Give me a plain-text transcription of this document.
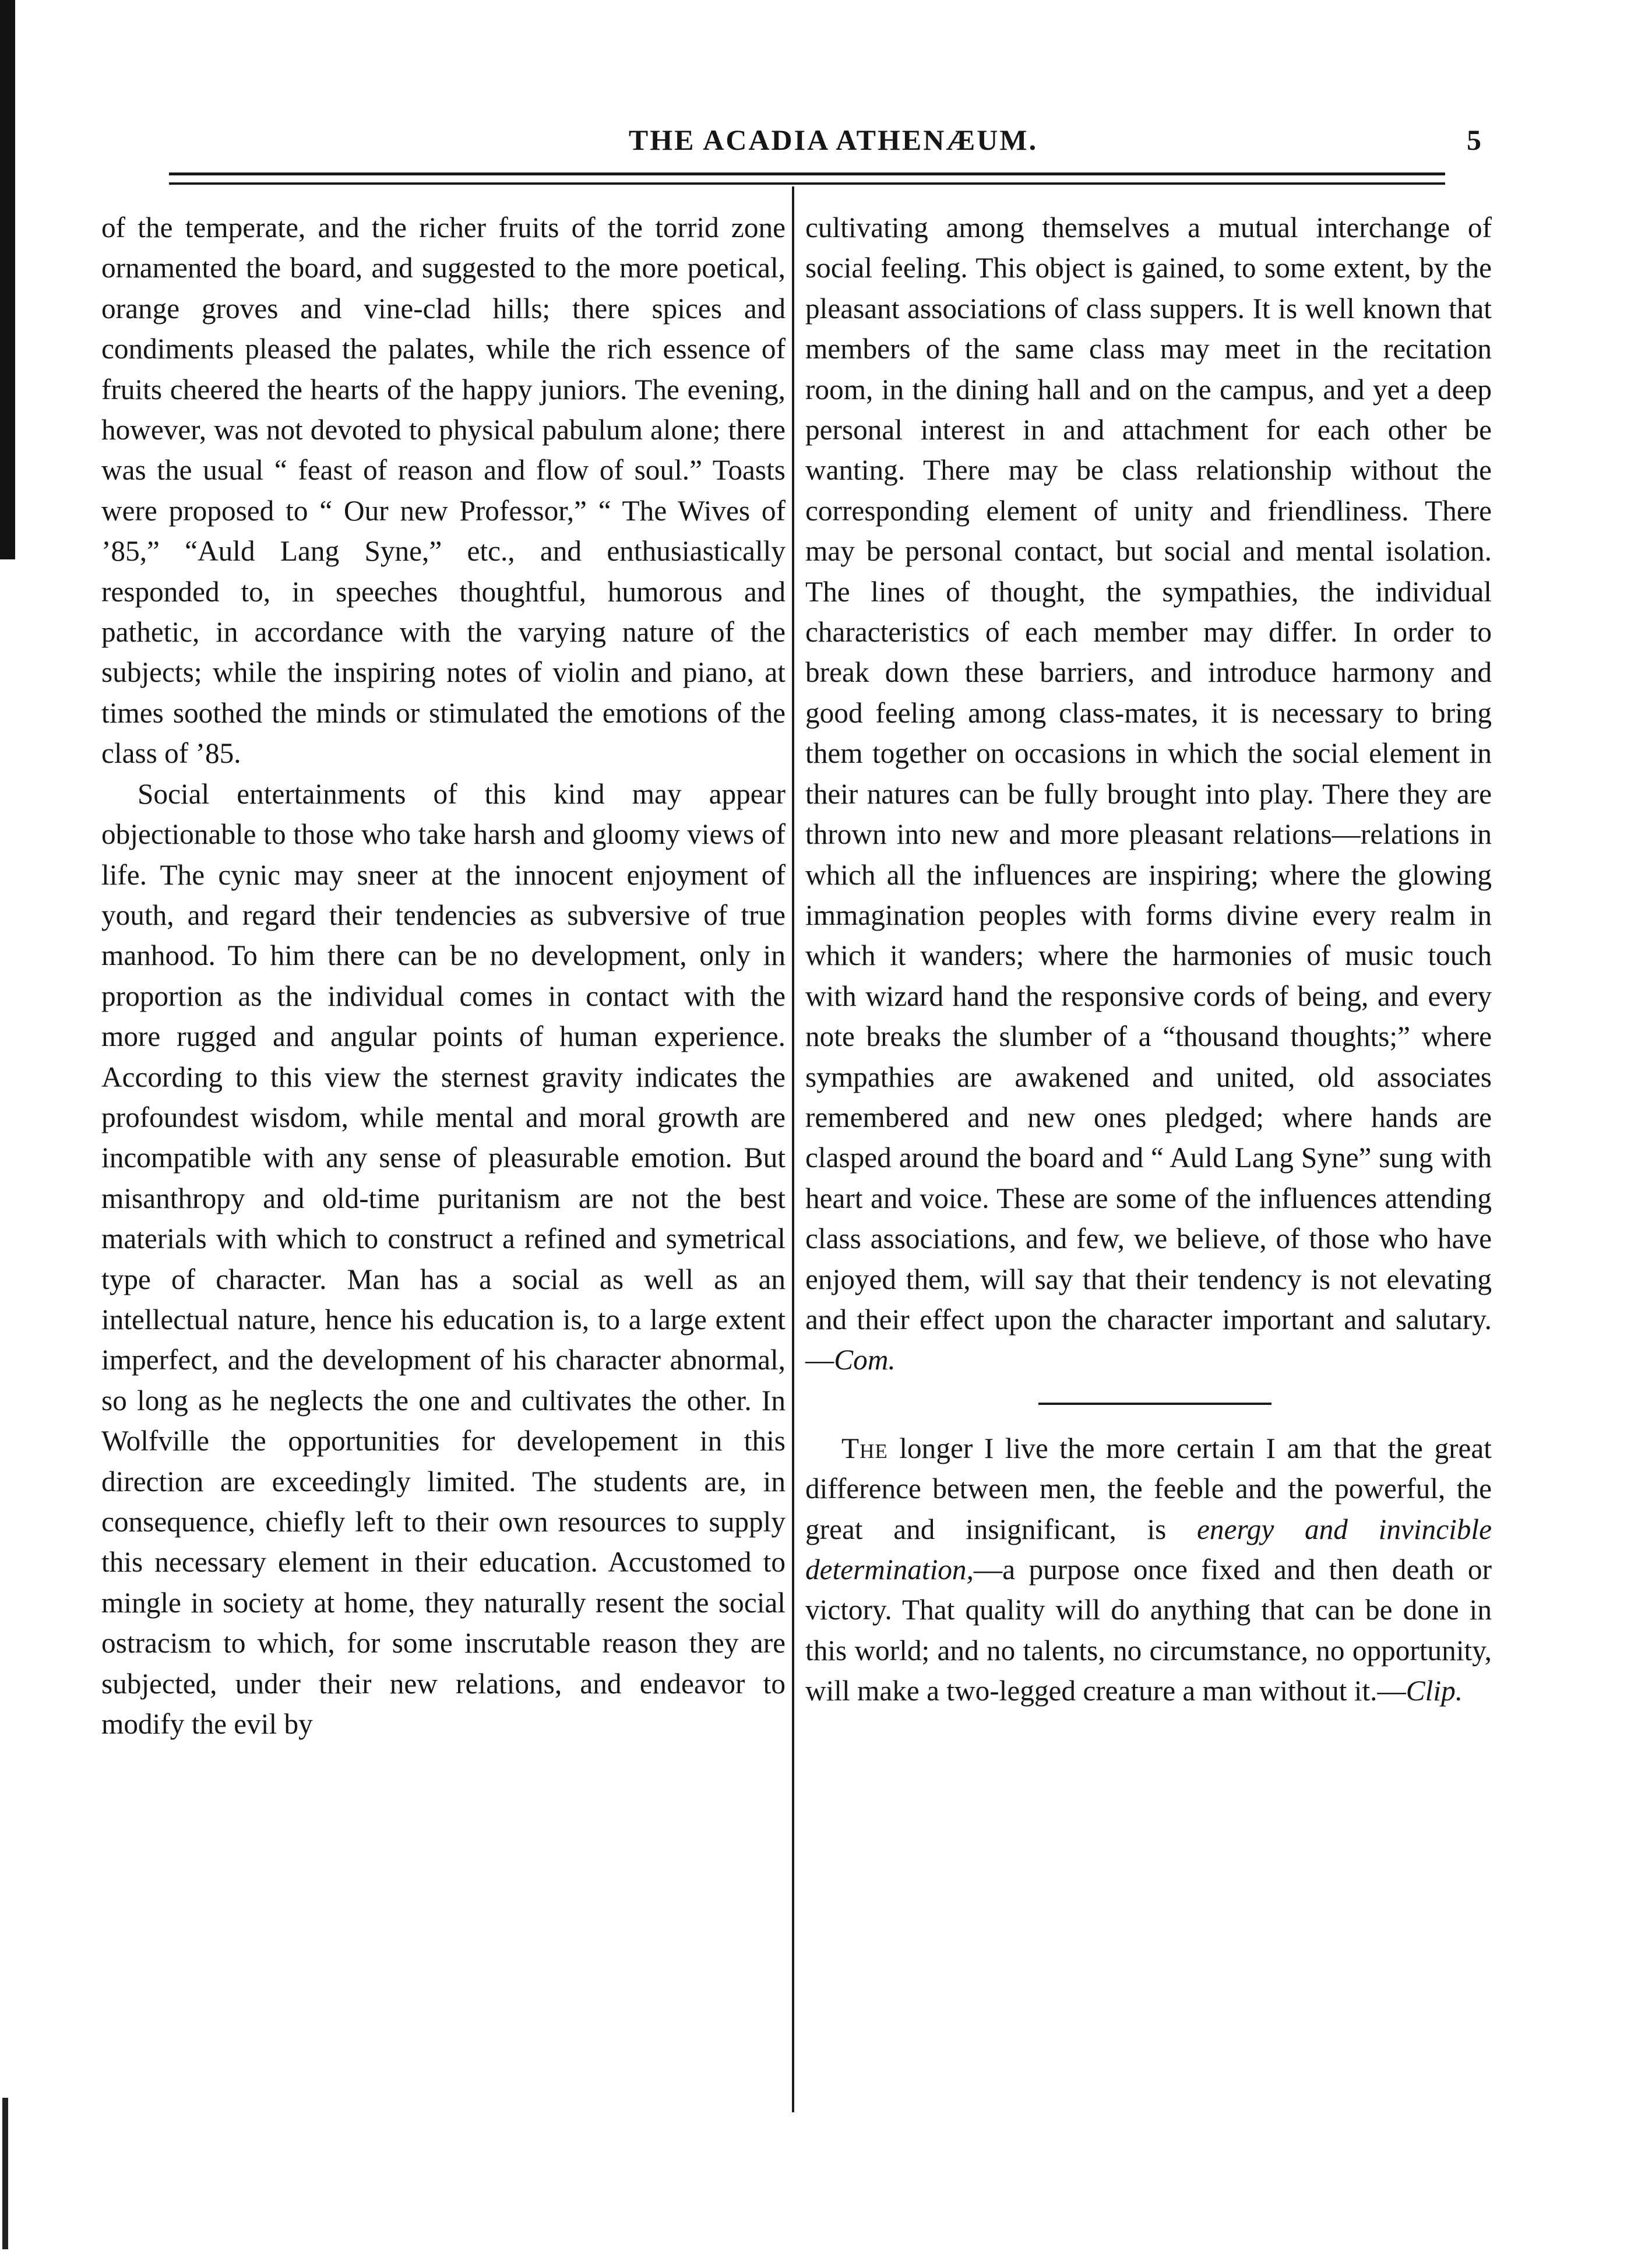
THE ACADIA ATHENÆUM.	5

of the temperate, and the richer fruits of the torrid zone ornamented the board, and suggested to the more poetical, orange groves and vine-clad hills; there spices and condiments pleased the palates, while the rich essence of fruits cheered the hearts of the happy juniors. The evening, however, was not devoted to physical pabulum alone; there was the usual “ feast of reason and flow of soul.” Toasts were proposed to “ Our new Professor,” “ The Wives of ’85,” “Auld Lang Syne,” etc., and enthusiastically responded to, in speeches thoughtful, humorous and pathetic, in accordance with the varying nature of the subjects; while the inspiring notes of violin and piano, at times soothed the minds or stimulated the emotions of the class of ’85.

Social entertainments of this kind may appear objectionable to those who take harsh and gloomy views of life. The cynic may sneer at the innocent enjoyment of youth, and regard their tendencies as subversive of true manhood. To him there can be no development, only in proportion as the individual comes in contact with the more rugged and angular points of human experience. According to this view the sternest gravity indicates the profoundest wisdom, while mental and moral growth are incompatible with any sense of pleasurable emotion. But misanthropy and old-time puritanism are not the best materials with which to construct a refined and symetrical type of character. Man has a social as well as an intellectual nature, hence his education is, to a large extent imperfect, and the development of his character abnormal, so long as he neglects the one and cultivates the other. In Wolfville the opportunities for developement in this direction are exceedingly limited. The students are, in consequence, chiefly left to their own resources to supply this necessary element in their education. Accustomed to mingle in society at home, they naturally resent the social ostracism to which, for some inscrutable reason they are subjected, under their new relations, and endeavor to modify the evil by

cultivating among themselves a mutual interchange of social feeling. This object is gained, to some extent, by the pleasant associations of class suppers. It is well known that members of the same class may meet in the recitation room, in the dining hall and on the campus, and yet a deep personal interest in and attachment for each other be wanting. There may be class relationship without the corresponding element of unity and friendliness. There may be personal contact, but social and mental isolation. The lines of thought, the sympathies, the individual characteristics of each member may differ. In order to break down these barriers, and introduce harmony and good feeling among class-mates, it is necessary to bring them together on occasions in which the social element in their natures can be fully brought into play. There they are thrown into new and more pleasant relations—relations in which all the influences are inspiring; where the glowing immagination peoples with forms divine every realm in which it wanders; where the harmonies of music touch with wizard hand the responsive cords of being, and every note breaks the slumber of a “thousand thoughts;” where sympathies are awakened and united, old associates remembered and new ones pledged; where hands are clasped around the board and “ Auld Lang Syne” sung with heart and voice. These are some of the influences attending class associations, and few, we believe, of those who have enjoyed them, will say that their tendency is not elevating and their effect upon the character important and salutary.—Com.

The longer I live the more certain I am that the great difference between men, the feeble and the powerful, the great and insignificant, is energy and invincible determination,—a purpose once fixed and then death or victory. That quality will do anything that can be done in this world; and no talents, no circumstance, no opportunity, will make a two-legged creature a man without it.—Clip.
